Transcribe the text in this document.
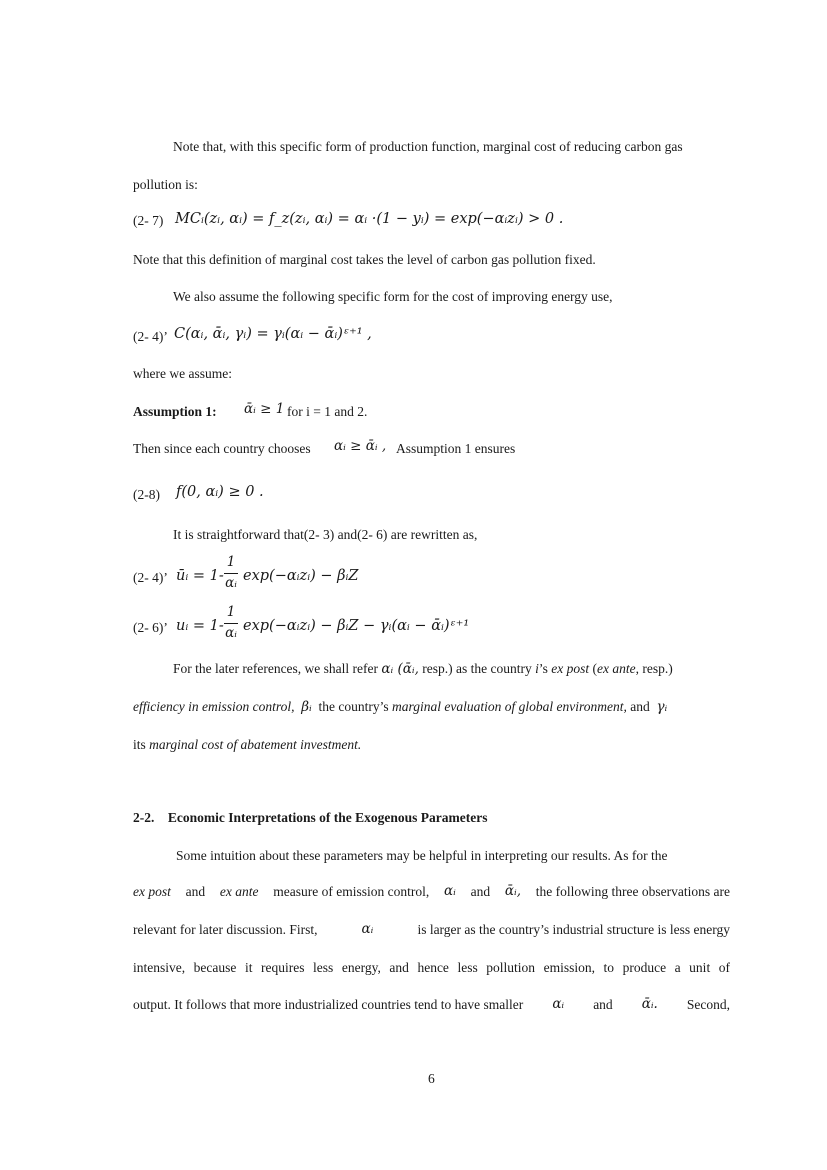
Note that, with this specific form of production function, marginal cost of reducing carbon gas
pollution is:
(2- 7) MCᵢ(zᵢ, αᵢ) = f_z(zᵢ, αᵢ) = αᵢ ·(1 − yᵢ) = exp(−αᵢzᵢ) > 0 .
Note that this definition of marginal cost takes the level of carbon gas pollution fixed.
We also assume the following specific form for the cost of improving energy use,
(2- 4)’ C(αᵢ, ᾱᵢ, γᵢ) = γᵢ(αᵢ − ᾱᵢ)ᵋ⁺¹ ,
where we assume:
Assumption 1: ᾱᵢ ≥ 1 for i = 1 and 2.
Then since each country chooses αᵢ ≥ ᾱᵢ , Assumption 1 ensures
(2-8) f(0, αᵢ) ≥ 0 .
It is straightforward that(2- 3) and(2- 6) are rewritten as,
(2- 4)’ ūᵢ = 1-
1
αᵢ exp(−αᵢzᵢ) − βᵢZ
(2- 6)’ uᵢ = 1-
1
αᵢ exp(−αᵢzᵢ) − βᵢZ − γᵢ(αᵢ − ᾱᵢ)ᵋ⁺¹
For the later references, we shall refer αᵢ (ᾱᵢ, resp.) as the country i’s ex post (ex ante, resp.)
efficiency in emission control, βᵢ the country’s marginal evaluation of global environment, and γᵢ
its marginal cost of abatement investment.
2-2.    Economic Interpretations of the Exogenous Parameters
Some intuition about these parameters may be helpful in interpreting our results. As for the
ex post and ex ante measure of emission control, αᵢ and ᾱᵢ, the following three observations are
relevant for later discussion. First,	αᵢ	is larger as the country’s industrial structure is less energy
intensive, because it requires less energy, and hence less pollution emission, to produce a unit of
output. It follows that more industrialized countries tend to have smaller αᵢ and ᾱᵢ. Second,
6
